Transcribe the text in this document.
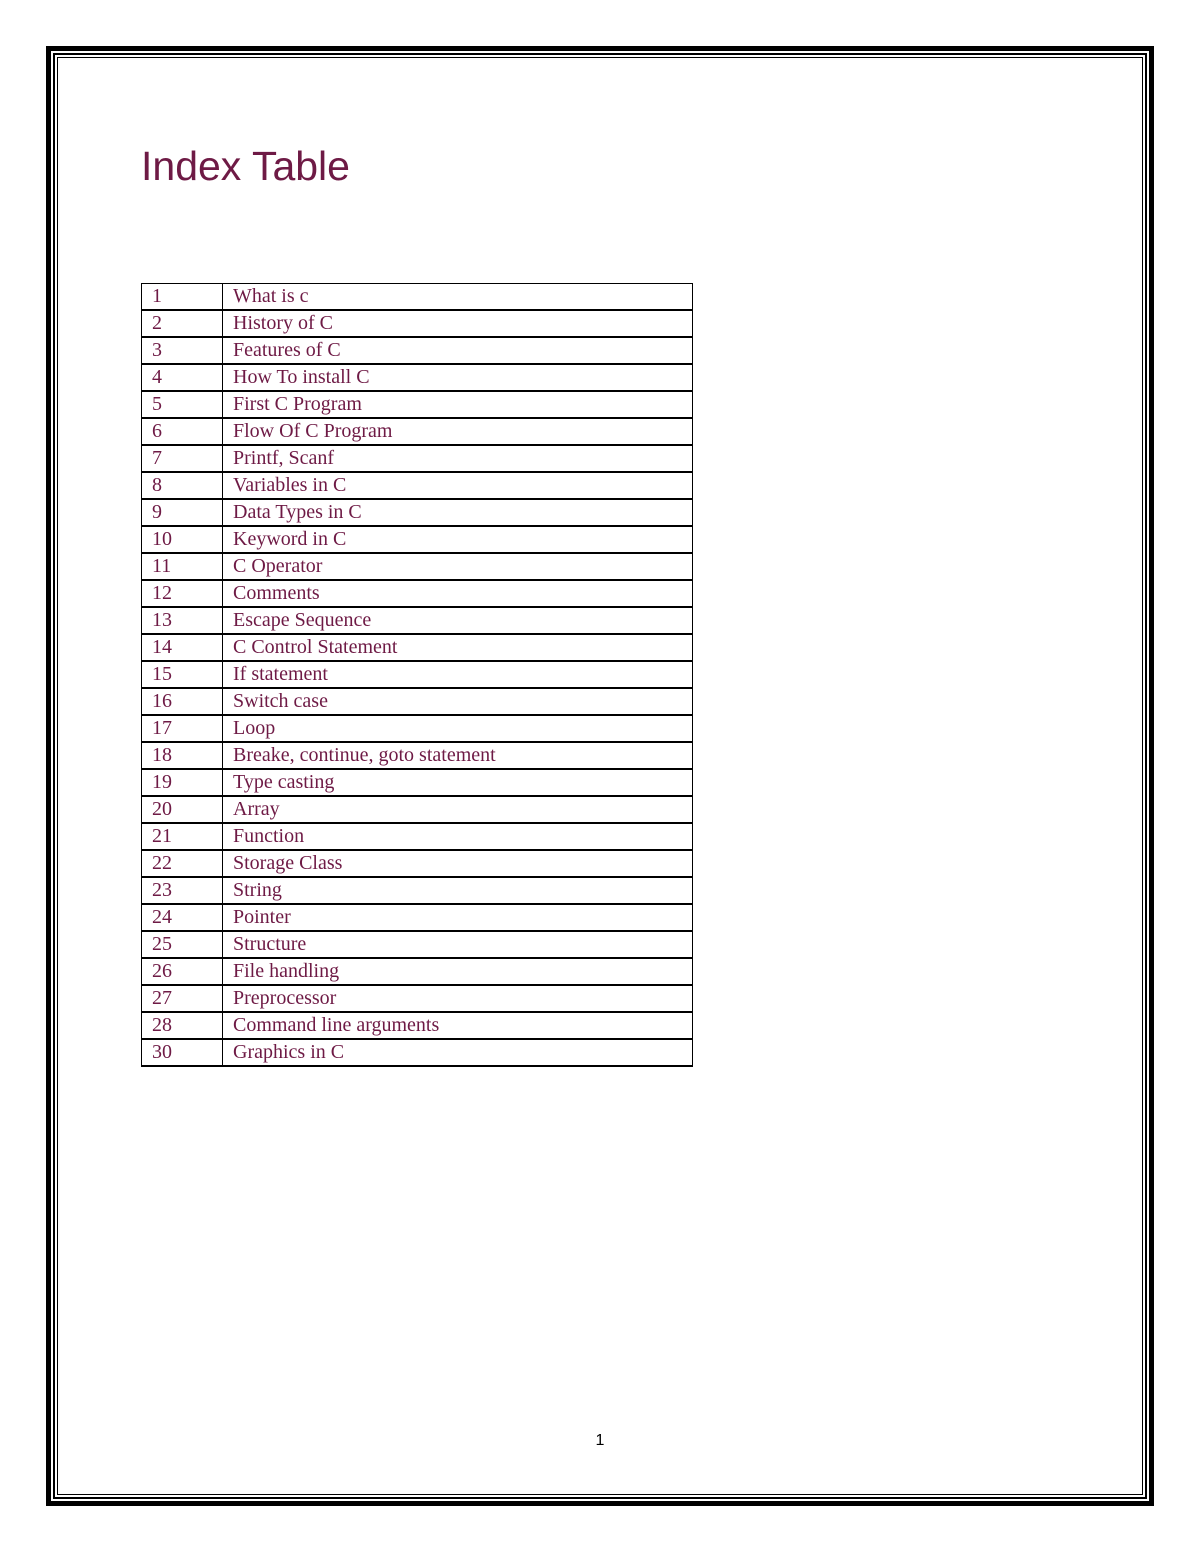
Index Table
1	What is c
2	History of C
3	Features of C
4	How To install C
5	First C Program
6	Flow Of C Program
7	Printf, Scanf
8	Variables in C
9	Data Types in C
10	Keyword in C
11	C Operator
12	Comments
13	Escape Sequence
14	C Control Statement
15	If statement
16	Switch case
17	Loop
18	Breake, continue, goto statement
19	Type casting
20	Array
21	Function
22	Storage Class
23	String
24	Pointer
25	Structure
26	File handling
27	Preprocessor
28	Command line arguments
30	Graphics in C
1
